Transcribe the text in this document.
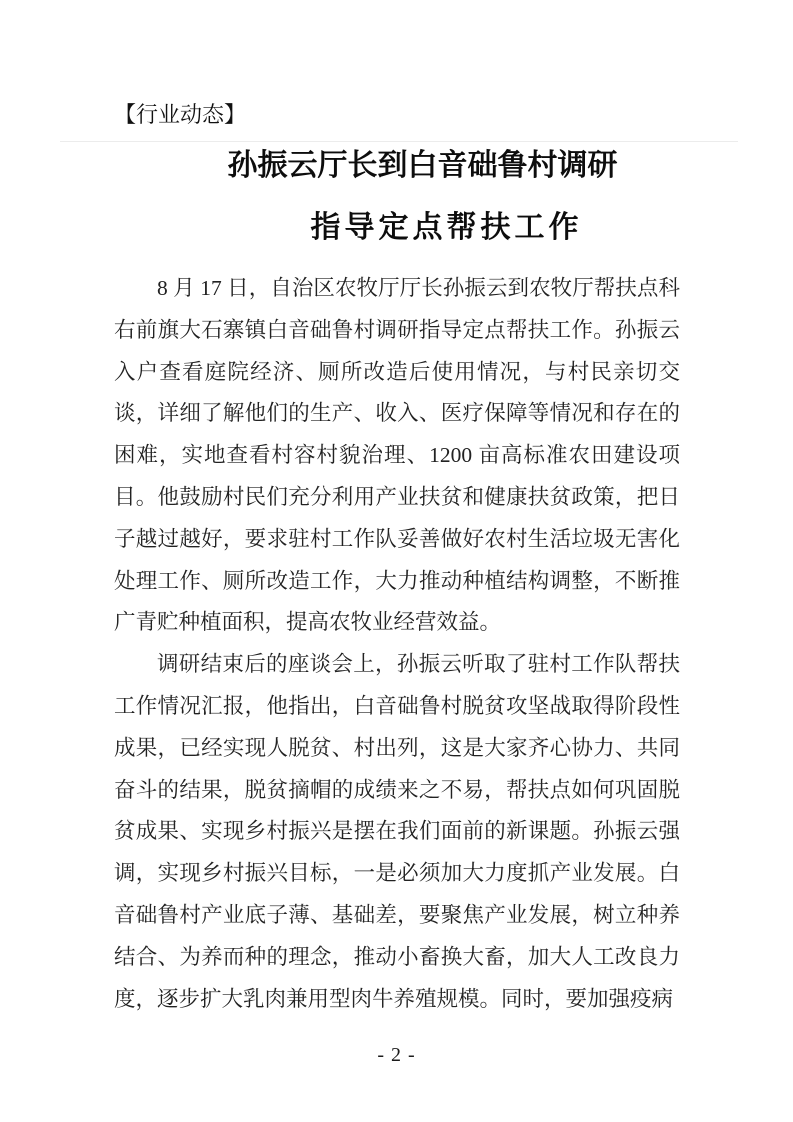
【行业动态】
孙振云厅长到白音础鲁村调研
指导定点帮扶工作

8 月 17 日，自治区农牧厅厅长孙振云到农牧厅帮扶点科右前旗大石寨镇白音础鲁村调研指导定点帮扶工作。孙振云入户查看庭院经济、厕所改造后使用情况，与村民亲切交谈，详细了解他们的生产、收入、医疗保障等情况和存在的困难，实地查看村容村貌治理、1200 亩高标准农田建设项目。他鼓励村民们充分利用产业扶贫和健康扶贫政策，把日子越过越好，要求驻村工作队妥善做好农村生活垃圾无害化处理工作、厕所改造工作，大力推动种植结构调整，不断推广青贮种植面积，提高农牧业经营效益。

调研结束后的座谈会上，孙振云听取了驻村工作队帮扶工作情况汇报，他指出，白音础鲁村脱贫攻坚战取得阶段性成果，已经实现人脱贫、村出列，这是大家齐心协力、共同奋斗的结果，脱贫摘帽的成绩来之不易，帮扶点如何巩固脱贫成果、实现乡村振兴是摆在我们面前的新课题。孙振云强调，实现乡村振兴目标，一是必须加大力度抓产业发展。白音础鲁村产业底子薄、基础差，要聚焦产业发展，树立种养结合、为养而种的理念，推动小畜换大畜，加大人工改良力度，逐步扩大乳肉兼用型肉牛养殖规模。同时，要加强疫病

- 2 -
